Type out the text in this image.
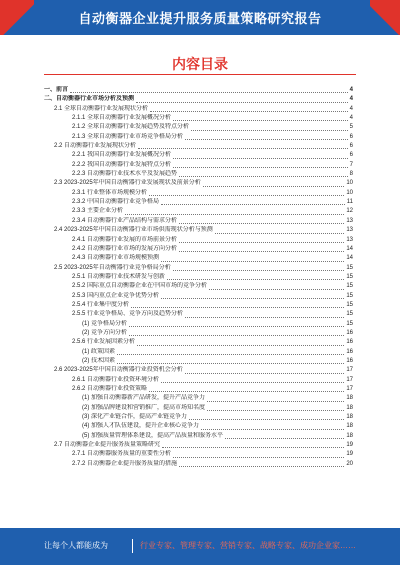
自动衡器企业提升服务质量策略研究报告
内容目录
一、前言	4
二、自动衡器行业市场分析及预测	4
2.1 全球自动衡器行业发展现状分析	4
2.1.1 全球自动衡器行业发展概况分析	4
2.1.2 全球自动衡器行业发展趋势及特点分析	5
2.1.3 全球自动衡器行业市场竞争格局分析	6
2.2 自动衡器行业发展现状分析	6
2.2.1 我国自动衡器行业发展概况分析	6
2.2.2 我国自动衡器行业发展特点分析	7
2.2.3 自动衡器行业技术水平及发展趋势	8
2.3 2023-2025年中国自动衡器行业发展现状及前景分析	10
2.3.1 行业整体市场规模分析	10
2.3.2 中国自动衡器行业竞争格局	11
2.3.3 主要企业分析	12
2.3.4 自动衡器行业产品结构与需求分析	13
2.4 2023-2025年中国自动衡器行业市场供需现状分析与预测	13
2.4.1 自动衡器行业发展的市场前景分析	13
2.4.2 自动衡器行业市场的发展方向分析	14
2.4.3 自动衡器行业市场规模预测	14
2.5 2023-2025年自动衡器行业竞争格局分析	15
2.5.1 自动衡器行业技术研发与创新	15
2.5.2 国际重点自动衡器企业在中国市场的竞争分析	15
2.5.3 国内重点企业竞争优势分析	15
2.5.4 行业集中度分析	15
2.5.5 行业竞争格局、竞争方向及趋势分析	15
(1) 竞争格局分析	15
(2) 竞争方向分析	16
2.5.6 行业发展因素分析	16
(1) 政策因素	16
(2) 技术因素	16
2.6 2023-2025年中国自动衡器行业投资机会分析	17
2.6.1 自动衡器行业投资环境分析	17
2.6.2 自动衡器行业投资策略	17
(1) 加强自动衡器新产品研发，提升产品竞争力	18
(2) 加强品牌建设和营销推广，提高市场知名度	18
(3) 深化产业链合作，提高产业链竞争力	18
(4) 加强人才队伍建设，提升企业核心竞争力	18
(5) 加强质量管理体系建设，提高产品质量和服务水平	18
2.7 自动衡器企业提升服务质量策略研究	19
2.7.1 自动衡器服务质量的重要性分析	19
2.7.2 自动衡器企业提升服务质量的措施	20
让每个人都能成为	行业专家、管理专家、营销专家、战略专家、成功企业家……
